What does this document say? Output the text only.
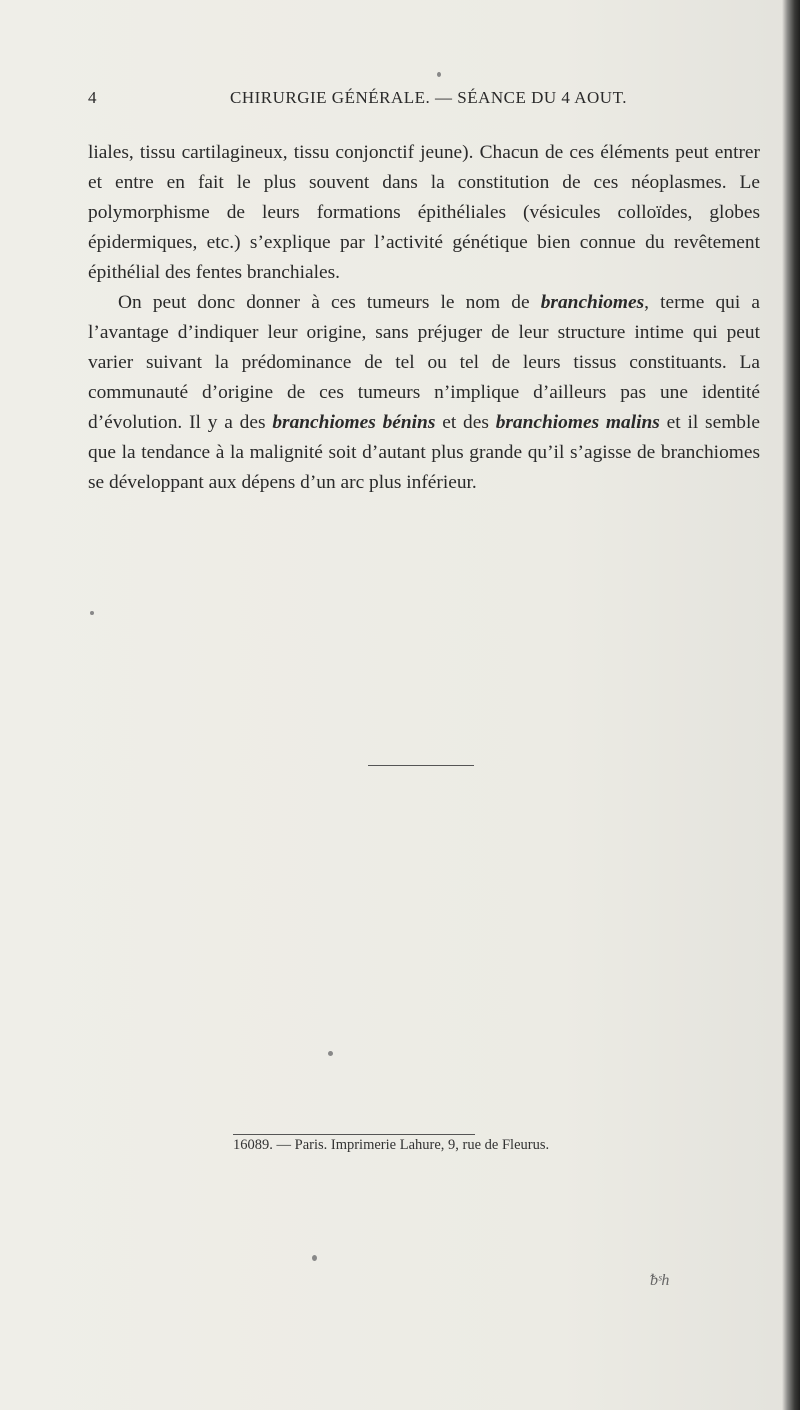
4	CHIRURGIE GÉNÉRALE. — SÉANCE DU 4 AOUT.

liales, tissu cartilagineux, tissu conjonctif jeune). Chacun de ces éléments peut entrer et entre en fait le plus souvent dans la constitution de ces néoplasmes. Le polymorphisme de leurs formations épithéliales (vésicules colloïdes, globes épidermiques, etc.) s’explique par l’activité génétique bien connue du revêtement épithélial des fentes branchiales.

On peut donc donner à ces tumeurs le nom de branchiomes, terme qui a l’avantage d’indiquer leur origine, sans préjuger de leur structure intime qui peut varier suivant la prédominance de tel ou tel de leurs tissus constituants. La communauté d’origine de ces tumeurs n’implique d’ailleurs pas une identité d’évolution. Il y a des branchiomes bénins et des branchiomes malins et il semble que la tendance à la malignité soit d’autant plus grande qu’il s’agisse de branchiomes se développant aux dépens d’un arc plus inférieur.

16089. — Paris. Imprimerie Lahure, 9, rue de Fleurus.
ᵬˢh
